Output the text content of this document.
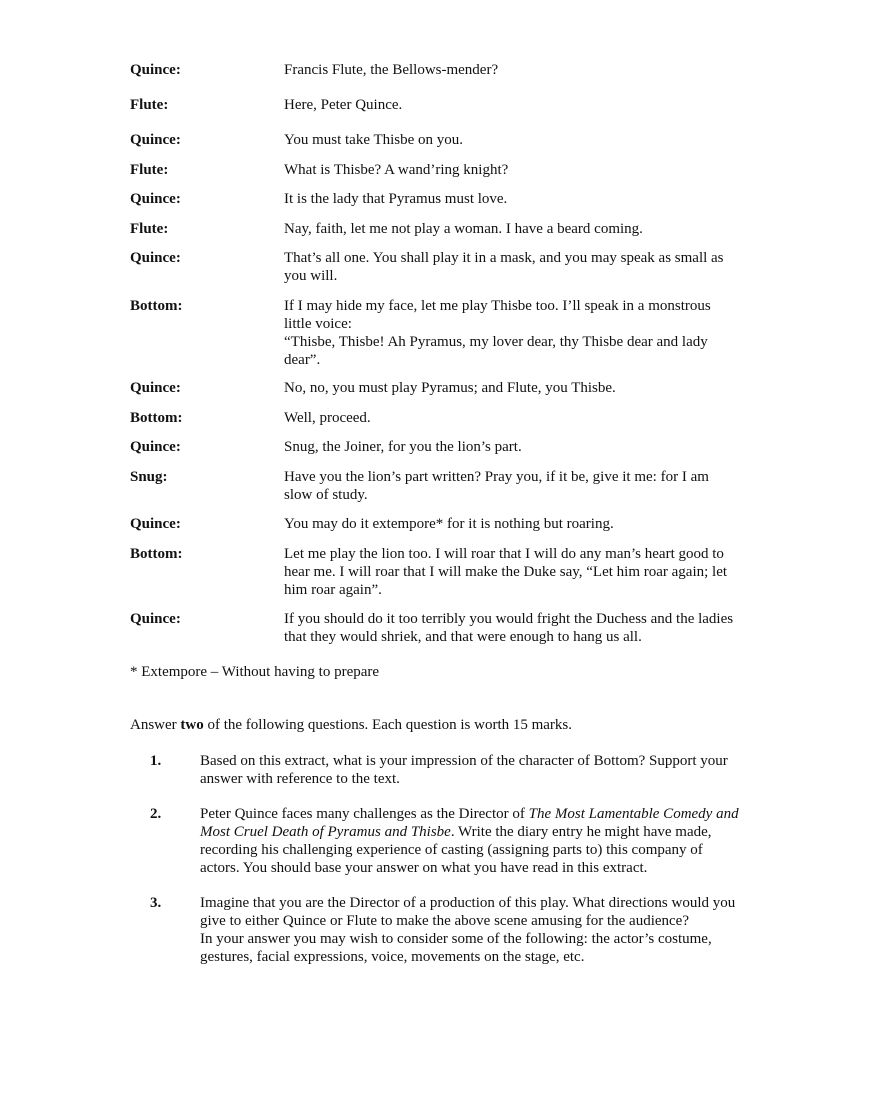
Quince:	Francis Flute, the Bellows-mender?
Flute:	Here, Peter Quince.
Quince:	You must take Thisbe on you.
Flute:	What is Thisbe? A wand’ring knight?
Quince:	It is the lady that Pyramus must love.
Flute:	Nay, faith, let me not play a woman. I have a beard coming.
Quince:	That’s all one. You shall play it in a mask, and you may speak as small as
you will.
Bottom:	If I may hide my face, let me play Thisbe too. I’ll speak in a monstrous
little voice:
“Thisbe, Thisbe! Ah Pyramus, my lover dear, thy Thisbe dear and lady
dear”.
Quince:	No, no, you must play Pyramus; and Flute, you Thisbe.
Bottom:	Well, proceed.
Quince:	Snug, the Joiner, for you the lion’s part.
Snug:	Have you the lion’s part written? Pray you, if it be, give it me: for I am
slow of study.
Quince:	You may do it extempore* for it is nothing but roaring.
Bottom:	Let me play the lion too. I will roar that I will do any man’s heart good to
hear me. I will roar that I will make the Duke say, “Let him roar again; let
him roar again”.
Quince:	If you should do it too terribly you would fright the Duchess and the ladies
that they would shriek, and that were enough to hang us all.
* Extempore – Without having to prepare
Answer two of the following questions. Each question is worth 15 marks.
1.	Based on this extract, what is your impression of the character of Bottom? Support your

answer with reference to the text.

2.	Peter Quince faces many challenges as the Director of The Most Lamentable Comedy and

Most Cruel Death of Pyramus and Thisbe. Write the diary entry he might have made,

recording his challenging experience of casting (assigning parts to) this company of

actors. You should base your answer on what you have read in this extract.

3.	Imagine that you are the Director of a production of this play. What directions would you

give to either Quince or Flute to make the above scene amusing for the audience?

In your answer you may wish to consider some of the following: the actor’s costume,

gestures, facial expressions, voice, movements on the stage, etc.
